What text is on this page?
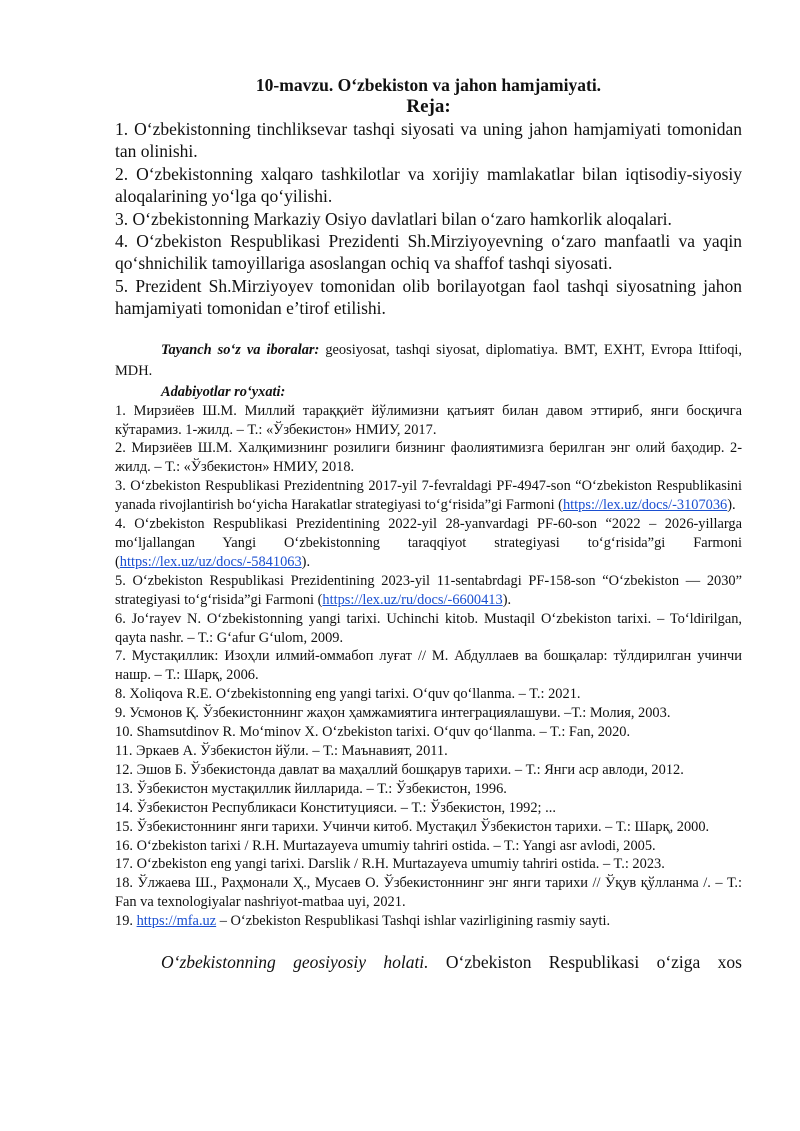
10-mavzu. O‘zbekiston va jahon hamjamiyati.
Reja:

1. O‘zbekistonning tinchliksevar tashqi siyosati va uning jahon hamjamiyati tomonidan tan olinishi.

2. O‘zbekistonning xalqaro tashkilotlar va xorijiy mamlakatlar bilan iqtisodiy-siyosiy aloqalarining yo‘lga qo‘yilishi.

3. O‘zbekistonning Markaziy Osiyo davlatlari bilan o‘zaro hamkorlik aloqalari.

4. O‘zbekiston Respublikasi Prezidenti Sh.Mirziyoyevning o‘zaro manfaatli va yaqin qo‘shnichilik tamoyillariga asoslangan ochiq va shaffof tashqi siyosati.

5. Prezident Sh.Mirziyoyev tomonidan olib borilayotgan faol tashqi siyosatning jahon hamjamiyati tomonidan e’tirof etilishi.

Tayanch so‘z va iboralar: geosiyosat, tashqi siyosat, diplomatiya. BMT, EXHT, Evropa Ittifoqi, MDH.

Adabiyotlar ro‘yxati:

1. Мирзиёев Ш.М. Миллий тараққиёт йўлимизни қатъият билан давом эттириб, янги босқичга кўтарамиз. 1-жилд. – Т.: «Ўзбекистон» НМИУ, 2017.

2. Мирзиёев Ш.М. Халқимизнинг розилиги бизнинг фаолиятимизга берилган энг олий баҳодир. 2-жилд. – Т.: «Ўзбекистон» НМИУ, 2018.

3. O‘zbekiston Respublikasi Prezidentning 2017-yil 7-fevraldagi PF-4947-son “O‘zbekiston Respublikasini yanada rivojlantirish bo‘yicha Harakatlar strategiyasi to‘g‘risida”gi Farmoni (https://lex.uz/docs/-3107036).

4. O‘zbekiston Respublikasi Prezidentining 2022-yil 28-yanvardagi PF-60-son “2022 – 2026-yillarga mo‘ljallangan Yangi O‘zbekistonning taraqqiyot strategiyasi to‘g‘risida”gi Farmoni (https://lex.uz/uz/docs/-5841063).

5. O‘zbekiston Respublikasi Prezidentining 2023-yil 11-sentabrdagi PF-158-son “O‘zbekiston — 2030” strategiyasi to‘g‘risida”gi Farmoni (https://lex.uz/ru/docs/-6600413).

6. Jo‘rayev N. O‘zbekistonning yangi tarixi. Uchinchi kitob. Mustaqil O‘zbekiston tarixi. – To‘ldirilgan, qayta nashr. – T.: G‘afur G‘ulom, 2009.

7. Мустақиллик: Изоҳли илмий-оммабоп луғат // М. Абдуллаев ва бошқалар: тўлдирилган учинчи нашр. – Т.: Шарқ, 2006.

8. Xoliqova R.E. O‘zbekistonning eng yangi tarixi. O‘quv qo‘llanma. – T.: 2021.

9. Усмонов Қ. Ўзбекистоннинг жаҳон ҳамжамиятига интеграциялашуви. –Т.: Молия, 2003.

10. Shamsutdinov R. Mo‘minov X. O‘zbekiston tarixi. O‘quv qo‘llanma. – T.: Fan, 2020.

11. Эркаев А. Ўзбекистон йўли. – Т.: Маънавият, 2011.

12. Эшов Б. Ўзбекистонда давлат ва маҳаллий бошқарув тарихи. – Т.: Янги аср авлоди, 2012.

13. Ўзбекистон мустақиллик йилларида. – Т.: Ўзбекистон, 1996.

14. Ўзбекистон Республикаси Конституцияси. – Т.: Ўзбекистон, 1992; ...

15. Ўзбекистоннинг янги тарихи. Учинчи китоб. Мустақил Ўзбекистон тарихи. – Т.: Шарқ, 2000.

16. O‘zbekiston tarixi / R.H. Murtazayeva umumiy tahriri ostida. – T.: Yangi asr avlodi, 2005.

17. O‘zbekiston eng yangi tarixi. Darslik / R.H. Murtazayeva umumiy tahriri ostida. – T.: 2023.

18. Ўлжаева Ш., Раҳмонали Ҳ., Мусаев О. Ўзбекистоннинг энг янги тарихи // Ўқув қўлланма /. – Т.: Fan va texnologiyalar nashriyot-matbaa uyi, 2021.

19. https://mfa.uz – O‘zbekiston Respublikasi Tashqi ishlar vazirligining rasmiy sayti.

O‘zbekistonning geosiyosiy holati. O‘zbekiston Respublikasi o‘ziga xos
